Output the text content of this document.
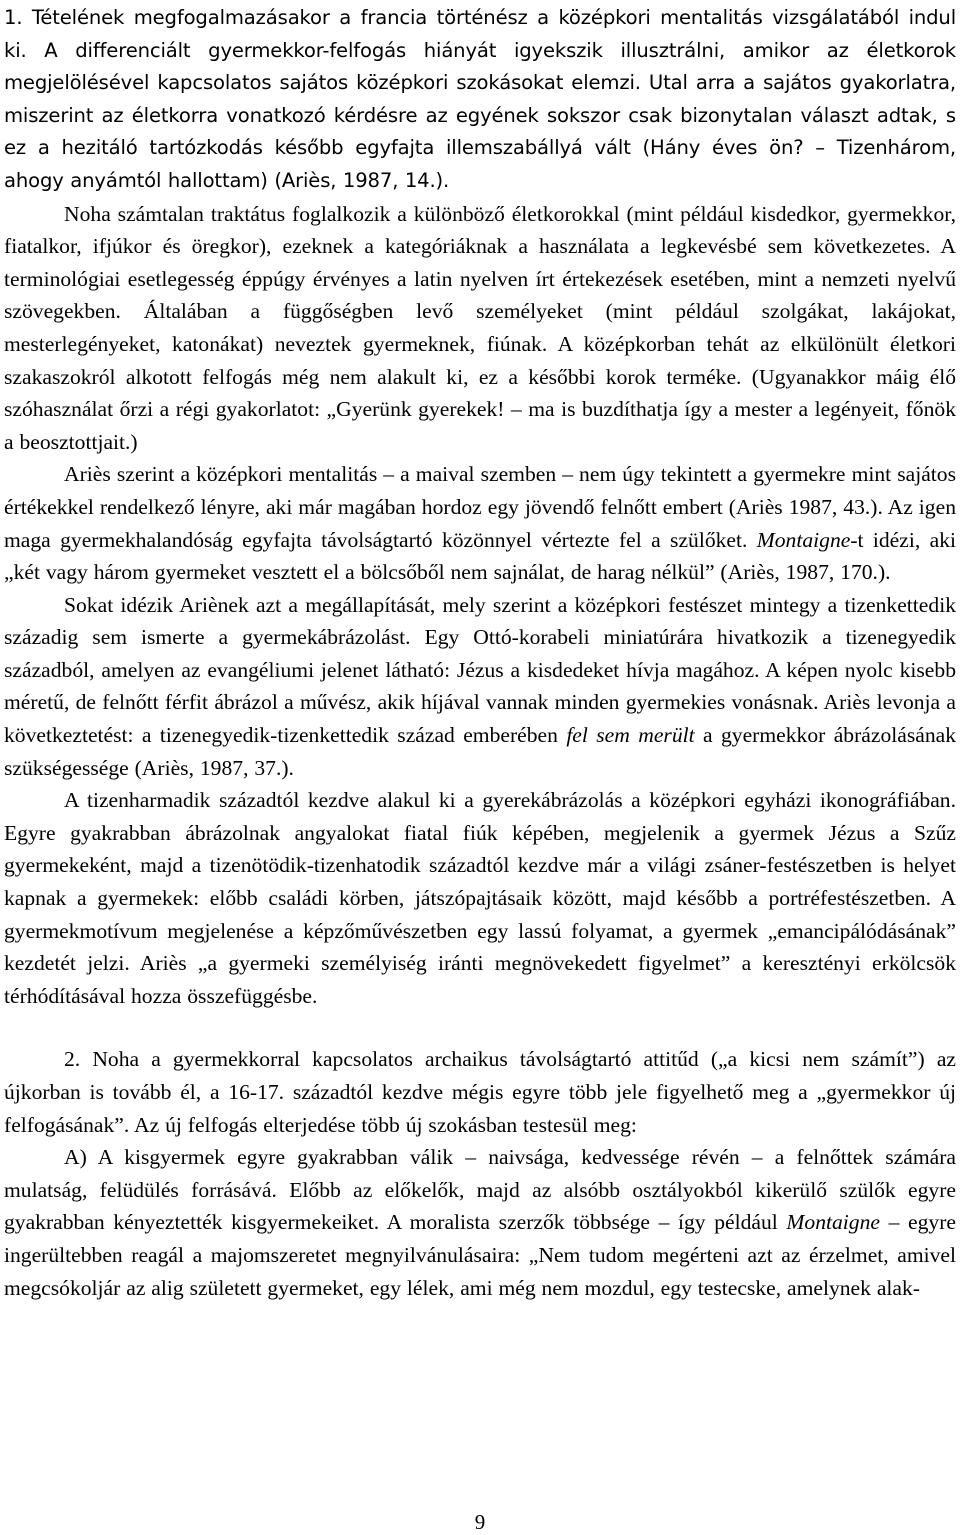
1. Tételének megfogalmazásakor a francia történész a középkori mentalitás vizsgálatából indul ki. A differenciált gyermekkor-felfogás hiányát igyekszik illusztrálni, amikor az életkorok megjelölésével kapcsolatos sajátos középkori szokásokat elemzi. Utal arra a sajátos gyakorlatra, miszerint az életkorra vonatkozó kérdésre az egyének sokszor csak bizonytalan választ adtak, s ez a hezitáló tartózkodás később egyfajta illemszabállyá vált (Hány éves ön? – Tizenhárom, ahogy anyámtól hallottam) (Ariès, 1987, 14.).

Noha számtalan traktátus foglalkozik a különböző életkorokkal (mint például kisdedkor, gyermekkor, fiatalkor, ifjúkor és öregkor), ezeknek a kategóriáknak a használata a legkevésbé sem következetes. A terminológiai esetlegesség éppúgy érvényes a latin nyelven írt értekezések esetében, mint a nemzeti nyelvű szövegekben. Általában a függőségben levő személyeket (mint például szolgákat, lakájokat, mesterlegényeket, katonákat) neveztek gyermeknek, fiúnak. A középkorban tehát az elkülönült életkori szakaszokról alkotott felfogás még nem alakult ki, ez a későbbi korok terméke. (Ugyanakkor máig élő szóhasználat őrzi a régi gyakorlatot: „Gyerünk gyerekek! – ma is buzdíthatja így a mester a legényeit, főnök a beosztottjait.)

Ariès szerint a középkori mentalitás – a maival szemben – nem úgy tekintett a gyermekre mint sajátos értékekkel rendelkező lényre, aki már magában hordoz egy jövendő felnőtt embert (Ariès 1987, 43.). Az igen maga gyermekhalandóság egyfajta távolságtartó közönnyel vértezte fel a szülőket. Montaigne-t idézi, aki „két vagy három gyermeket vesztett el a bölcsőből nem sajnálat, de harag nélkül” (Ariès, 1987, 170.).

Sokat idézik Ariènek azt a megállapítását, mely szerint a középkori festészet mintegy a tizenkettedik századig sem ismerte a gyermekábrázolást. Egy Ottó-korabeli miniatúrára hivatkozik a tizenegyedik századból, amelyen az evangéliumi jelenet látható: Jézus a kisdedeket hívja magához. A képen nyolc kisebb méretű, de felnőtt férfit ábrázol a művész, akik híjával vannak minden gyermekies vonásnak. Ariès levonja a következtetést: a tizenegyedik-tizenkettedik század emberében fel sem merült a gyermekkor ábrázolásának szükségessége (Ariès, 1987, 37.).

A tizenharmadik századtól kezdve alakul ki a gyerekábrázolás a középkori egyházi ikonográfiában. Egyre gyakrabban ábrázolnak angyalokat fiatal fiúk képében, megjelenik a gyermek Jézus a Szűz gyermekeként, majd a tizenötödik-tizenhatodik századtól kezdve már a világi zsáner-festészetben is helyet kapnak a gyermekek: előbb családi körben, játszópajtásaik között, majd később a portréfestészetben. A gyermekmotívum megjelenése a képzőművészetben egy lassú folyamat, a gyermek „emancipálódásának” kezdetét jelzi. Ariès „a gyermeki személyiség iránti megnövekedett figyelmet” a keresztényi erkölcsök térhódításával hozza összefüggésbe.

2. Noha a gyermekkorral kapcsolatos archaikus távolságtartó attitűd („a kicsi nem számít”) az újkorban is tovább él, a 16-17. századtól kezdve mégis egyre több jele figyelhető meg a „gyermekkor új felfogásának”. Az új felfogás elterjedése több új szokásban testesül meg:

A) A kisgyermek egyre gyakrabban válik – naivsága, kedvessége révén – a felnőttek számára mulatság, felüdülés forrásává. Előbb az előkelők, majd az alsóbb osztályokból kikerülő szülők egyre gyakrabban kényeztették kisgyermekeiket. A moralista szerzők többsége – így például Montaigne – egyre ingerültebben reagál a majomszeretet megnyilvánulásaira: „Nem tudom megérteni azt az érzelmet, amivel megcsókoljár az alig született gyermeket, egy lélek, ami még nem mozdul, egy testecske, amelynek alak-

9
